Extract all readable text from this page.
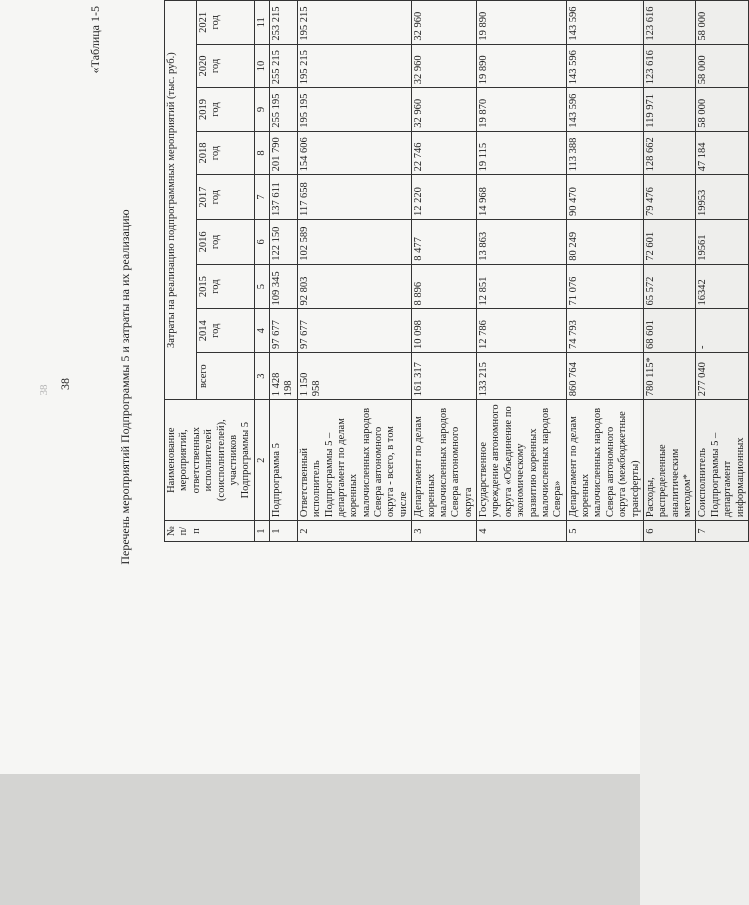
38 38
«Таблица 1-5
Перечень мероприятий Подпрограммы 5 и затраты на их реализацию	№ п/п	Наименование мероприятий, ответственных исполнителей (соисполнителей), участников Подпрограммы 5	Затраты на реализацию подпрограммных мероприятий (тыс. руб.)								
		всего	2014 год	2015 год	2016 год	2017 год	2018 год	2019 год	2020 год	2021 год
1	2	3	4	5	6	7	8	9	10	11
1	Подпрограмма 5	1 428 198	97 677	109 345	122 150	137 611	201 790	255 195	255 215	253 215
2	Ответственный исполнитель Подпрограммы 5 – департамент по делам коренных малочисленных народов Севера автономного округа - всего, в том числе	1 150 958	97 677	92 803	102 589	117 658	154 606	195 195	195 215	195 215
3	Департамент по делам коренных малочисленных народов Севера автономного округа	161 317	10 098	8 896	8 477	12 220	22 746	32 960	32 960	32 960
4	Государственное учреждение автономного округа «Объединение по экономическому развитию коренных малочисленных народов Севера»	133 215	12 786	12 851	13 863	14 968	19 115	19 870	19 890	19 890
5	Департамент по делам коренных малочисленных народов Севера автономного округа (межбюджетные трансферты)	860 764	74 793	71 076	80 249	90 470	113 388	143 596	143 596	143 596
6	Расходы, распределенные аналитическим методом*	780 115*	68 601	65 572	72 601	79 476	128 662	119 971	123 616	123 616
7	Соисполнитель Подпрограммы 5 – департамент информационных	277 040	-	16342	19561	19953	47 184	58 000	58 000	58 000
